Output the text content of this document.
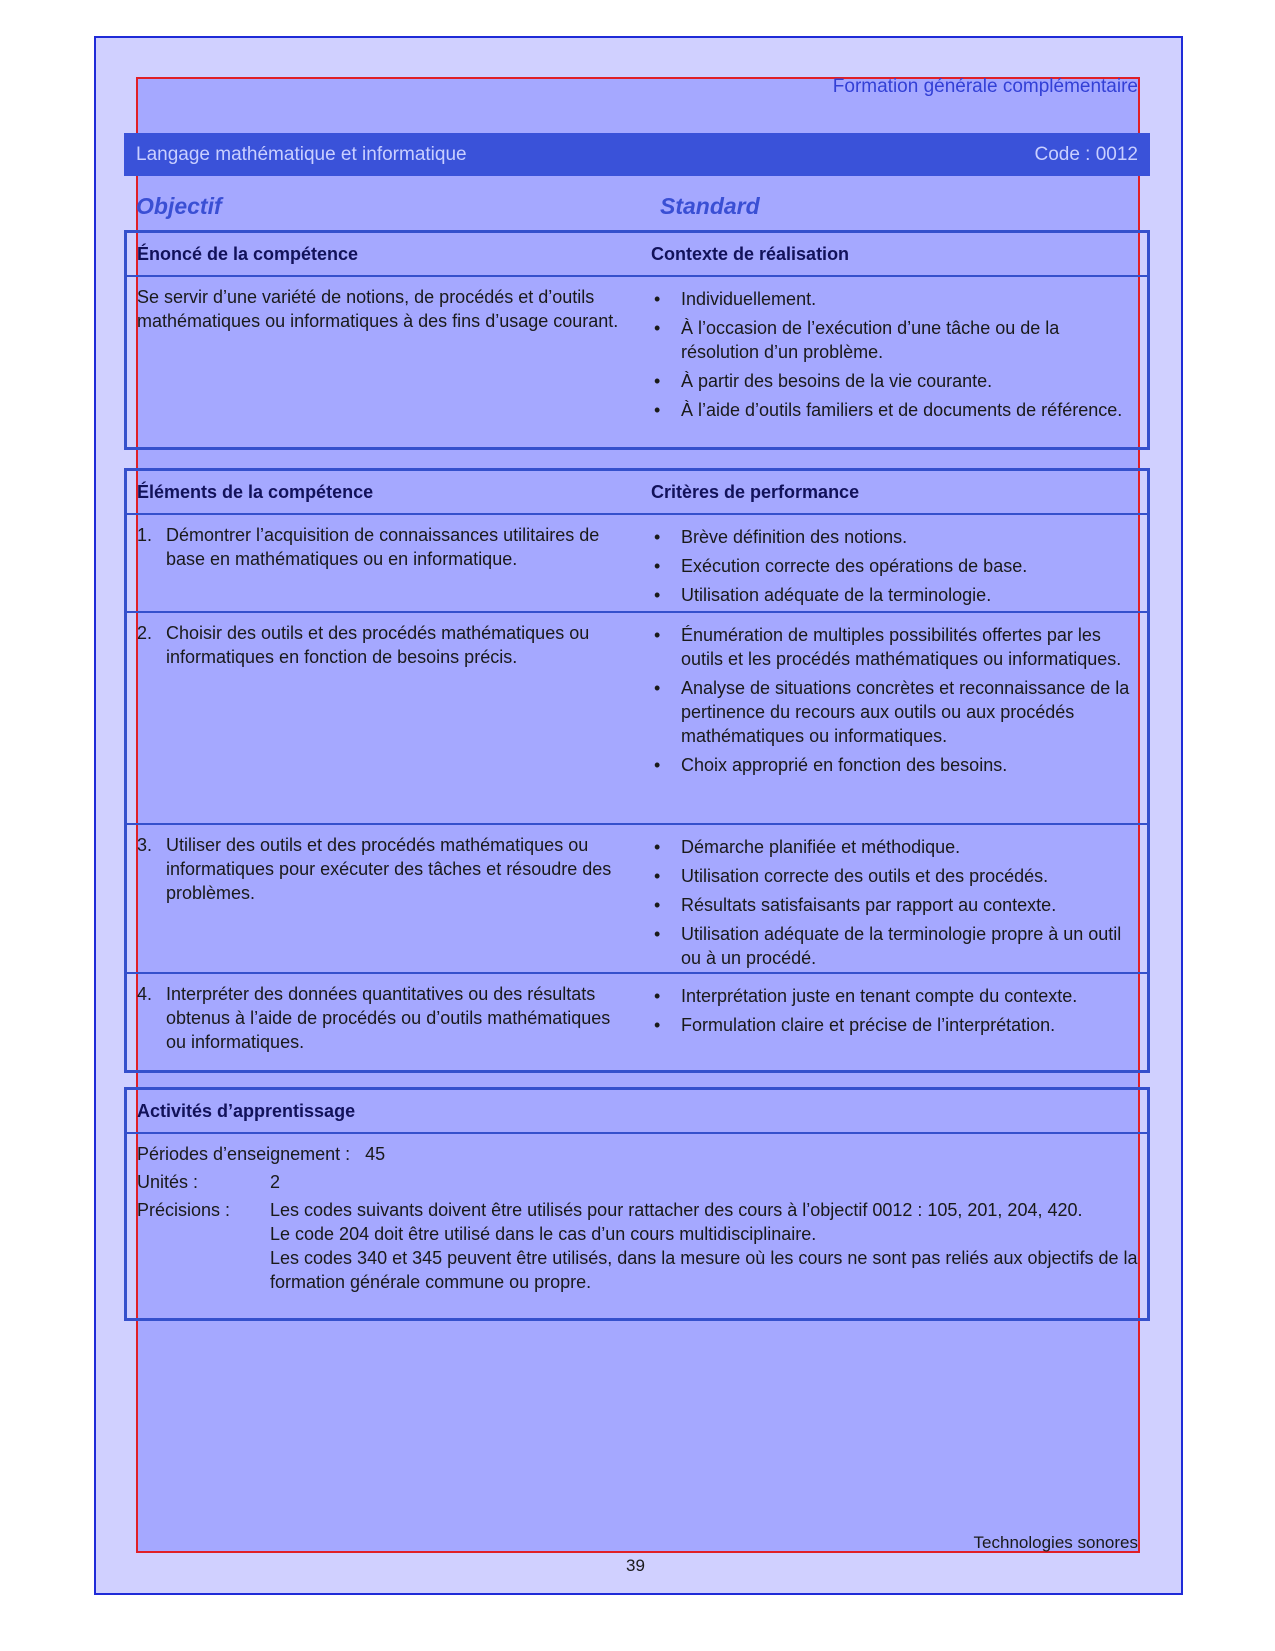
Formation générale complémentaire
Langage mathématique et informatique	Code : 0012
Objectif	Standard
Énoncé de la compétence	Contexte de réalisation
Se servir d’une variété de notions, de procédés et d’outils mathématiques ou informatiques à des fins d’usage courant.
• Individuellement.
• À l’occasion de l’exécution d’une tâche ou de la résolution d’un problème.
• À partir des besoins de la vie courante.
• À l’aide d’outils familiers et de documents de référence.
Éléments de la compétence	Critères de performance
1. Démontrer l’acquisition de connaissances utilitaires de base en mathématiques ou en informatique.
• Brève définition des notions.
• Exécution correcte des opérations de base.
• Utilisation adéquate de la terminologie.
2. Choisir des outils et des procédés mathématiques ou informatiques en fonction de besoins précis.
• Énumération de multiples possibilités offertes par les outils et les procédés mathématiques ou informatiques.
• Analyse de situations concrètes et reconnaissance de la pertinence du recours aux outils ou aux procédés mathématiques ou informatiques.
• Choix approprié en fonction des besoins.
3. Utiliser des outils et des procédés mathématiques ou informatiques pour exécuter des tâches et résoudre des problèmes.
• Démarche planifiée et méthodique.
• Utilisation correcte des outils et des procédés.
• Résultats satisfaisants par rapport au contexte.
• Utilisation adéquate de la terminologie propre à un outil ou à un procédé.
4. Interpréter des données quantitatives ou des résultats obtenus à l’aide de procédés ou d’outils mathématiques ou informatiques.
• Interprétation juste en tenant compte du contexte.
• Formulation claire et précise de l’interprétation.
Activités d’apprentissage
Périodes d’enseignement : 45
Unités :	2
Précisions : Les codes suivants doivent être utilisés pour rattacher des cours à l’objectif 0012 : 105, 201, 204, 420.
Le code 204 doit être utilisé dans le cas d’un cours multidisciplinaire.
Les codes 340 et 345 peuvent être utilisés, dans la mesure où les cours ne sont pas reliés aux objectifs de la formation générale commune ou propre.
Technologies sonores
39
